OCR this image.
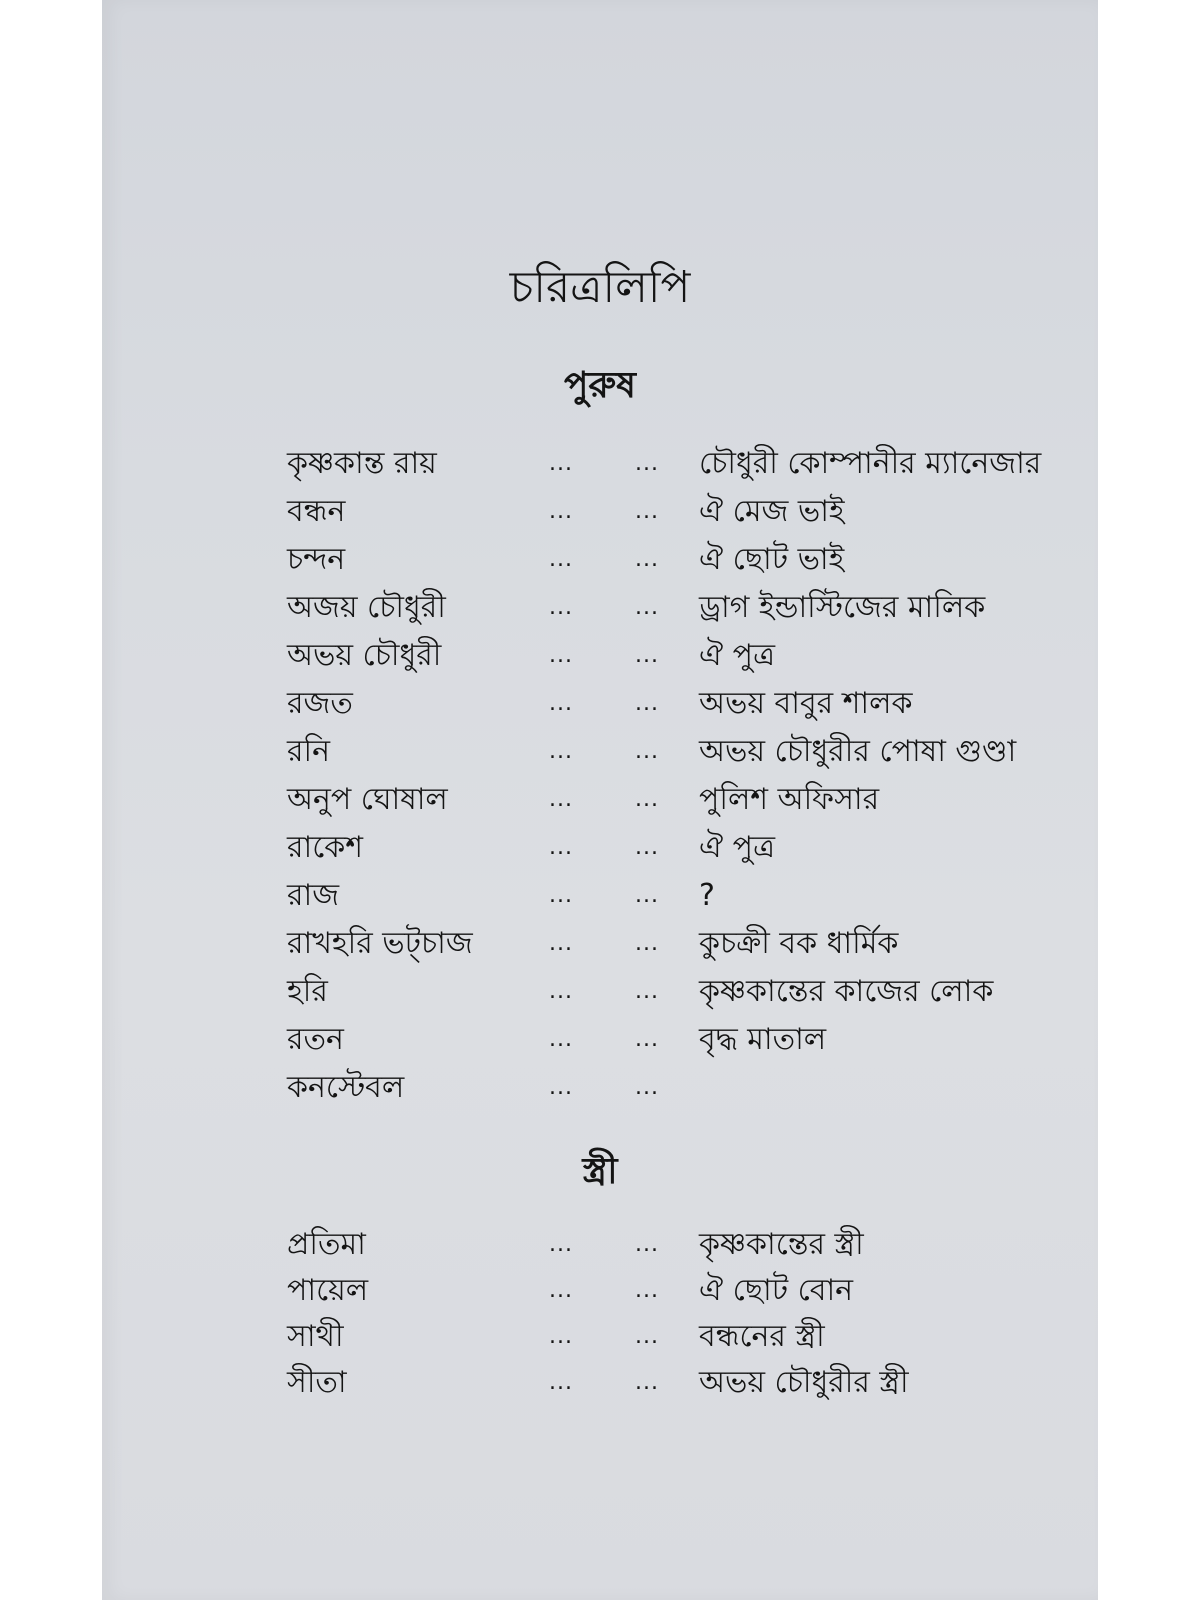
চরিত্রলিপি
পুরুষ
কৃষ্ণকান্ত রায়	...	... চৌধুরী কোম্পানীর ম্যানেজার
বন্ধন	...	... ঐ মেজ ভাই
চন্দন	...	... ঐ ছোট ভাই
অজয় চৌধুরী	...	... ড্রাগ ইন্ডাস্টিজের মালিক
অভয় চৌধুরী	...	... ঐ পুত্র
রজত	...	... অভয় বাবুর শালক
রনি	...	... অভয় চৌধুরীর পোষা গুণ্ডা
অনুপ ঘোষাল	...	... পুলিশ অফিসার
রাকেশ	...	... ঐ পুত্র
রাজ	...	... ?
রাখহরি ভট্চাজ	...	... কুচক্রী বক ধার্মিক
হরি	...	... কৃষ্ণকান্তের কাজের লোক
রতন	...	... বৃদ্ধ মাতাল
কনস্টেবল	...	...
স্ত্রী
প্রতিমা	...	... কৃষ্ণকান্তের স্ত্রী
পায়েল	...	... ঐ ছোট বোন
সাথী	...	... বন্ধনের স্ত্রী
সীতা	...	... অভয় চৌধুরীর স্ত্রী
